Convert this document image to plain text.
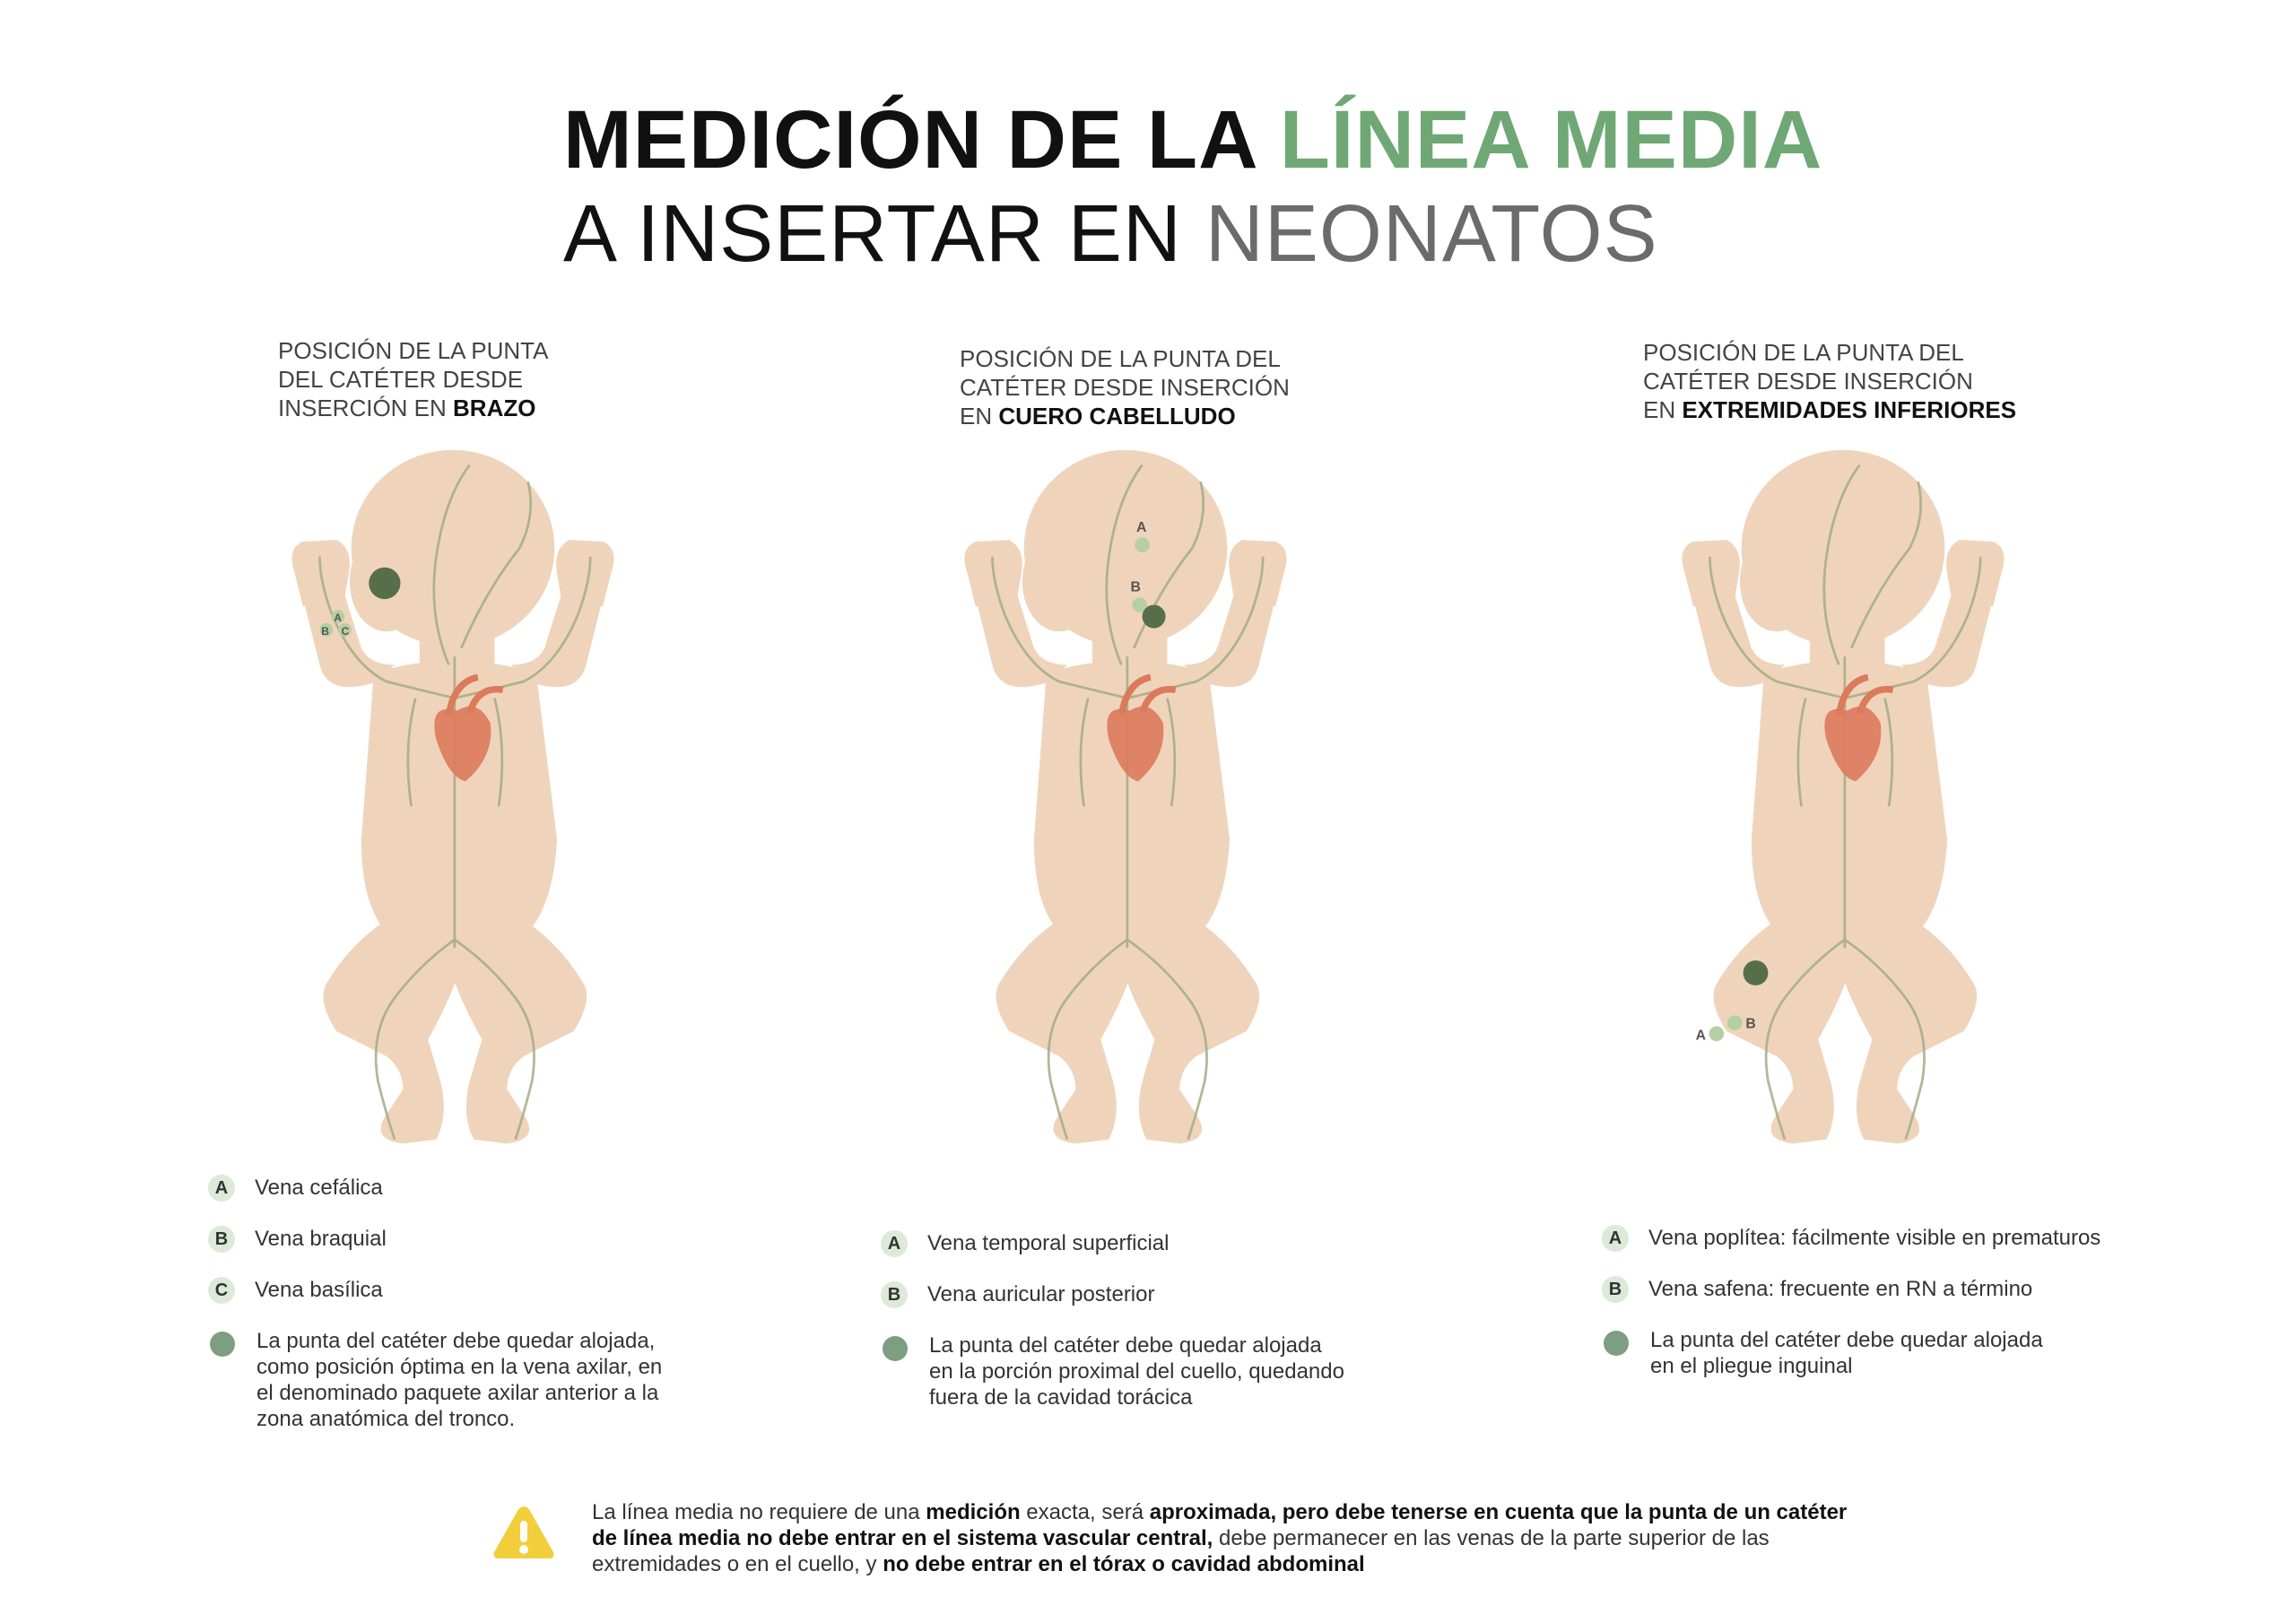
MEDICIÓN DE LA LÍNEA MEDIA
A INSERTAR EN NEONATOS
POSICIÓN DE LA PUNTA
DEL CATÉTER DESDE
INSERCIÓN EN BRAZO
POSICIÓN DE LA PUNTA DEL
CATÉTER DESDE INSERCIÓN
EN CUERO CABELLUDO
POSICIÓN DE LA PUNTA DEL
CATÉTER DESDE INSERCIÓN
EN EXTREMIDADES INFERIORES
A
B C
A
B
A
B
A	Vena cefálica
B	Vena braquial
C	Vena basílica
La punta del catéter debe quedar alojada,
como posición óptima en la vena axilar, en
el denominado paquete axilar anterior a la
zona anatómica del tronco.
A	Vena temporal superficial
B	Vena auricular posterior
La punta del catéter debe quedar alojada
en la porción proximal del cuello, quedando
fuera de la cavidad torácica
A	Vena poplítea: fácilmente visible en prematuros
B	Vena safena: frecuente en RN a término
La punta del catéter debe quedar alojada
en el pliegue inguinal
La línea media no requiere de una medición exacta, será aproximada, pero debe tenerse en cuenta que la punta de un catéter de línea media no debe entrar en el sistema vascular central, debe permanecer en las venas de la parte superior de las extremidades o en el cuello, y no debe entrar en el tórax o cavidad abdominal
